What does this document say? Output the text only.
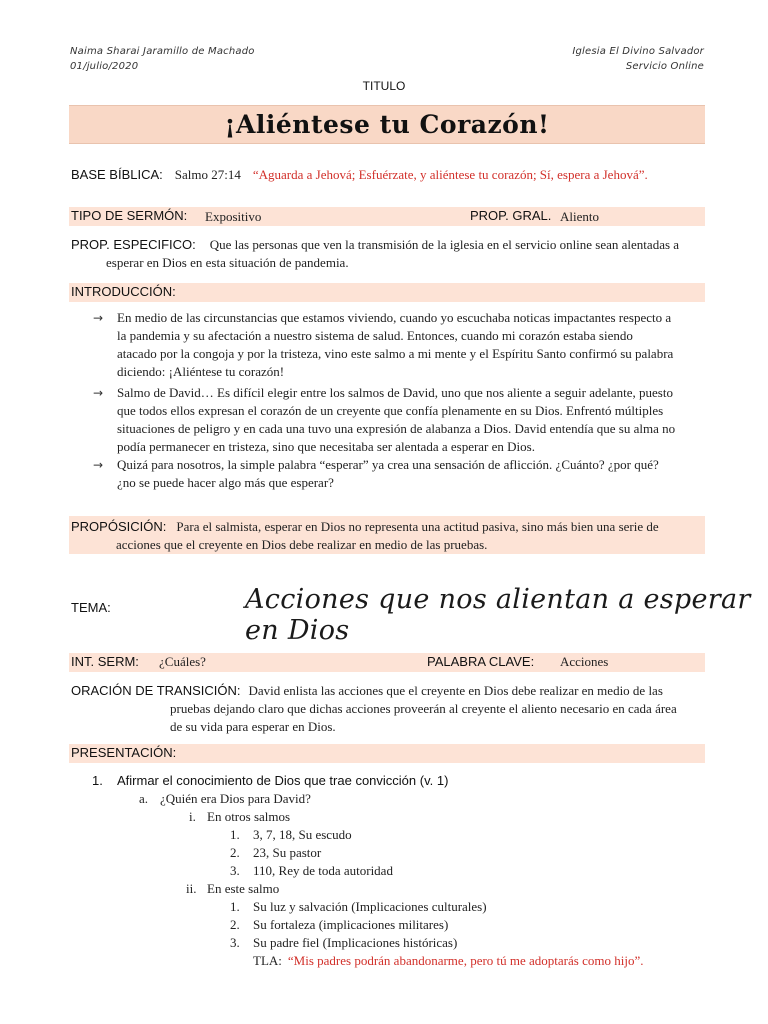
Naima Sharai Jaramillo de Machado
01/julio/2020
Iglesia El Divino Salvador
Servicio Online
TITULO
¡Aliéntese tu Corazón!
BASE BÍBLICA: Salmo 27:14 “Aguarda a Jehová; Esfuérzate, y aliéntese tu corazón; Sí, espera a Jehová”.
TIPO DE SERMÓN: Expositivo	PROP. GRAL. Aliento
PROP. ESPECIFICO: Que las personas que ven la transmisión de la iglesia en el servicio online sean alentadas a
esperar en Dios en esta situación de pandemia.
INTRODUCCIÓN:
→ En medio de las circunstancias que estamos viviendo, cuando yo escuchaba noticas impactantes respecto a
la pandemia y su afectación a nuestro sistema de salud. Entonces, cuando mi corazón estaba siendo
atacado por la congoja y por la tristeza, vino este salmo a mi mente y el Espíritu Santo confirmó su palabra
diciendo: ¡Aliéntese tu corazón!
→ Salmo de David… Es difícil elegir entre los salmos de David, uno que nos aliente a seguir adelante, puesto
que todos ellos expresan el corazón de un creyente que confía plenamente en su Dios. Enfrentó múltiples
situaciones de peligro y en cada una tuvo una expresión de alabanza a Dios. David entendía que su alma no
podía permanecer en tristeza, sino que necesitaba ser alentada a esperar en Dios.
→ Quizá para nosotros, la simple palabra “esperar” ya crea una sensación de aflicción. ¿Cuánto? ¿por qué?
¿no se puede hacer algo más que esperar?
PROPÓSICIÓN: Para el salmista, esperar en Dios no representa una actitud pasiva, sino más bien una serie de
acciones que el creyente en Dios debe realizar en medio de las pruebas.
TEMA:	Acciones que nos alientan a esperar en Dios
INT. SERM: ¿Cuáles?	PALABRA CLAVE: Acciones
ORACIÓN DE TRANSICIÓN: David enlista las acciones que el creyente en Dios debe realizar en medio de las
pruebas dejando claro que dichas acciones proveerán al creyente el aliento necesario en cada área
de su vida para esperar en Dios.
PRESENTACIÓN:
1. Afirmar el conocimiento de Dios que trae convicción (v. 1)
a. ¿Quién era Dios para David?
i. En otros salmos
1. 3, 7, 18, Su escudo
2. 23, Su pastor
3. 110, Rey de toda autoridad
ii. En este salmo
1. Su luz y salvación (Implicaciones culturales)
2. Su fortaleza (implicaciones militares)
3. Su padre fiel (Implicaciones históricas)
TLA: “Mis padres podrán abandonarme, pero tú me adoptarás como hijo”.
